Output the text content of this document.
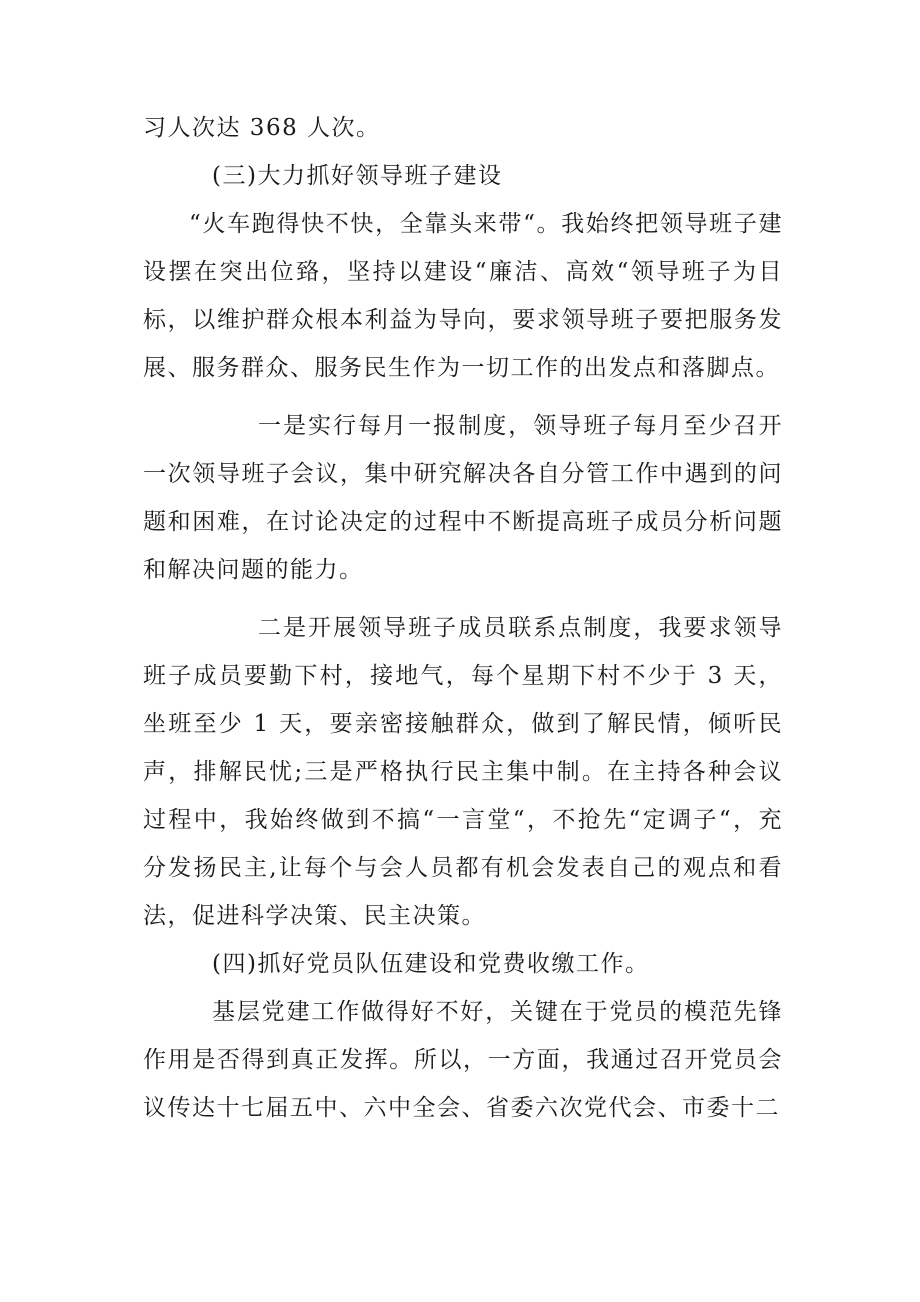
习人次达 368 人次。

(三)大力抓好领导班子建设

“火车跑得快不快，全靠头来带“。我始终把领导班子建设摆在突出位臵，坚持以建设“廉洁、高效“领导班子为目标，以维护群众根本利益为导向，要求领导班子要把服务发展、服务群众、服务民生作为一切工作的出发点和落脚点。

一是实行每月一报制度，领导班子每月至少召开一次领导班子会议，集中研究解决各自分管工作中遇到的问题和困难，在讨论决定的过程中不断提高班子成员分析问题和解决问题的能力。

二是开展领导班子成员联系点制度，我要求领导班子成员要勤下村，接地气，每个星期下村不少于 3 天，坐班至少 1 天，要亲密接触群众，做到了解民情，倾听民声，排解民忧;三是严格执行民主集中制。在主持各种会议过程中，我始终做到不搞“一言堂“，不抢先“定调子“，充分发扬民主,让每个与会人员都有机会发表自己的观点和看法，促进科学决策、民主决策。

(四)抓好党员队伍建设和党费收缴工作。

基层党建工作做得好不好，关键在于党员的模范先锋作用是否得到真正发挥。所以，一方面，我通过召开党员会议传达十七届五中、六中全会、省委六次党代会、市委十二
